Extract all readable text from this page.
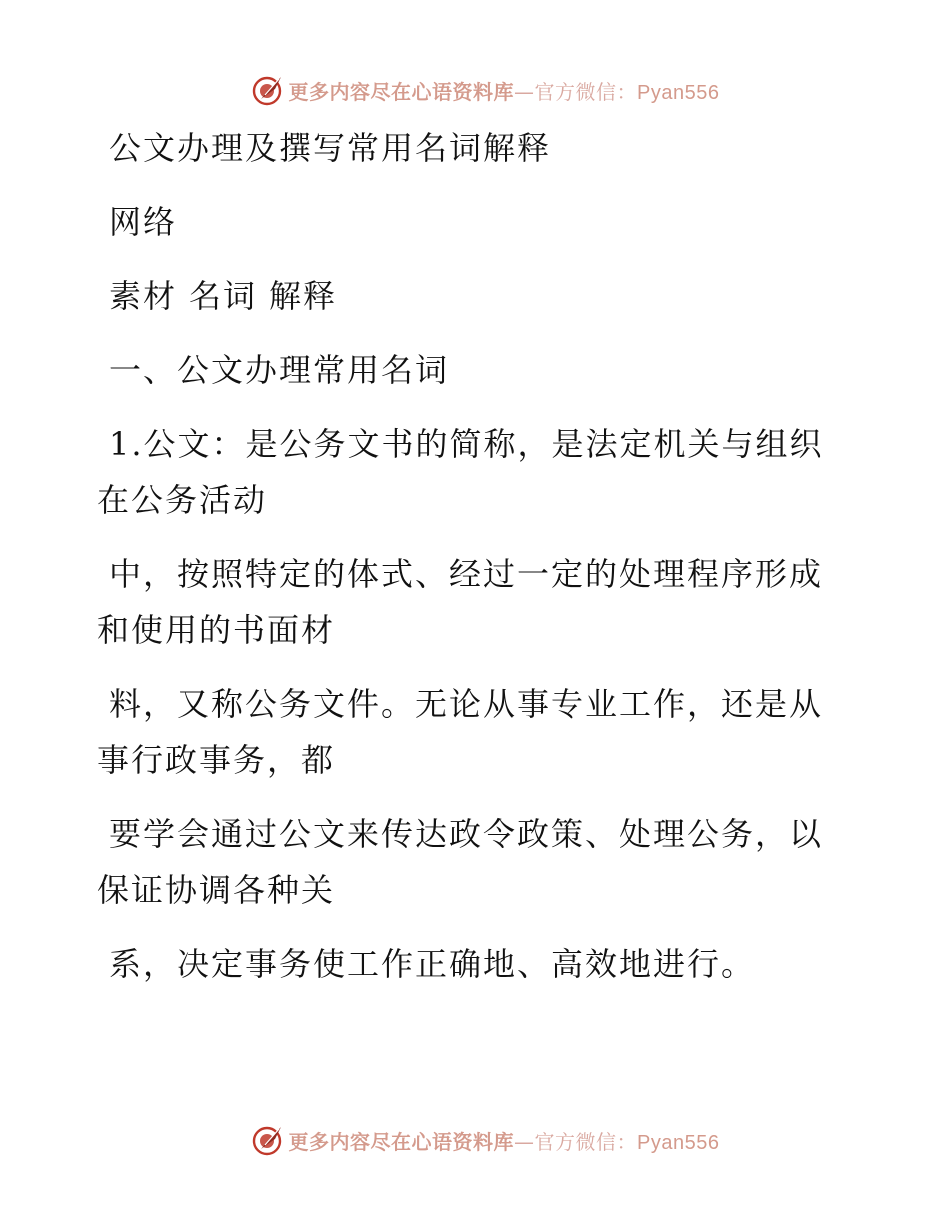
更多内容尽在心语资料库—官方微信：Pyan556

公文办理及撰写常用名词解释

网络

素材 名词 解释

一、公文办理常用名词

1.公文：是公务文书的简称，是法定机关与组织在公务活动

中，按照特定的体式、经过一定的处理程序形成和使用的书面材

料，又称公务文件。无论从事专业工作，还是从事行政事务，都

要学会通过公文来传达政令政策、处理公务，以保证协调各种关

系，决定事务使工作正确地、高效地进行。

更多内容尽在心语资料库—官方微信：Pyan556
